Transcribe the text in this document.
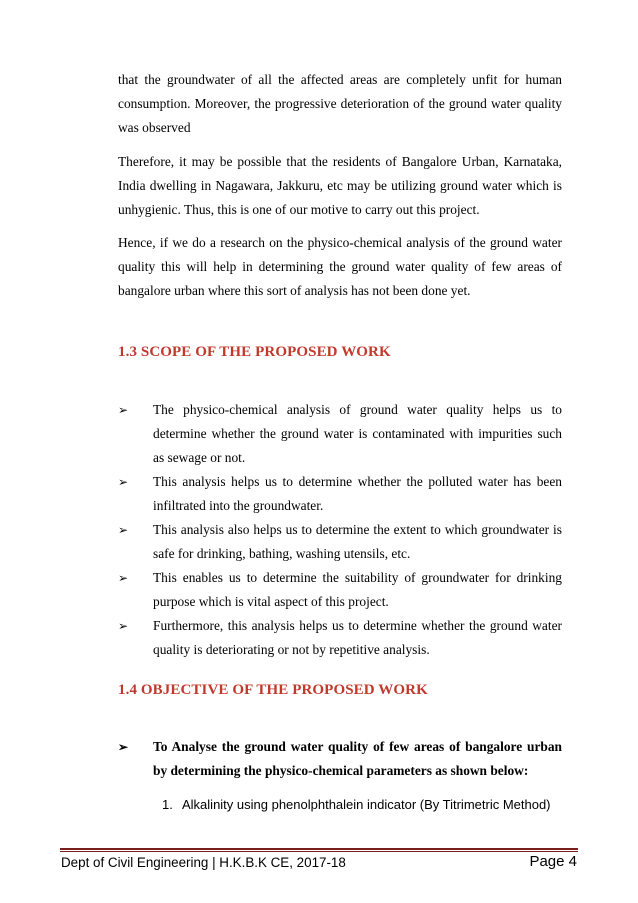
that the groundwater of all the affected areas are completely unfit for human consumption. Moreover, the progressive deterioration of the ground water quality was observed

Therefore, it may be possible that the residents of Bangalore Urban, Karnataka, India dwelling in Nagawara, Jakkuru, etc may be utilizing ground water which is unhygienic. Thus, this is one of our motive to carry out this project.

Hence, if we do a research on the physico-chemical analysis of the ground water quality this will help in determining the ground water quality of few areas of bangalore urban where this sort of analysis has not been done yet.

1.3 SCOPE OF THE PROPOSED WORK
➢ The physico-chemical analysis of ground water quality helps us to determine whether the ground water is contaminated with impurities such as sewage or not.
➢ This analysis helps us to determine whether the polluted water has been infiltrated into the groundwater.
➢ This analysis also helps us to determine the extent to which groundwater is safe for drinking, bathing, washing utensils, etc.
➢ This enables us to determine the suitability of groundwater for drinking purpose which is vital aspect of this project.
➢ Furthermore, this analysis helps us to determine whether the ground water quality is deteriorating or not by repetitive analysis.
1.4 OBJECTIVE OF THE PROPOSED WORK
➢ To Analyse the ground water quality of few areas of bangalore urban by determining the physico-chemical parameters as shown below:

1. Alkalinity using phenolphthalein indicator (By Titrimetric Method)

Dept of Civil Engineering | H.K.B.K CE, 2017-18	Page 4
